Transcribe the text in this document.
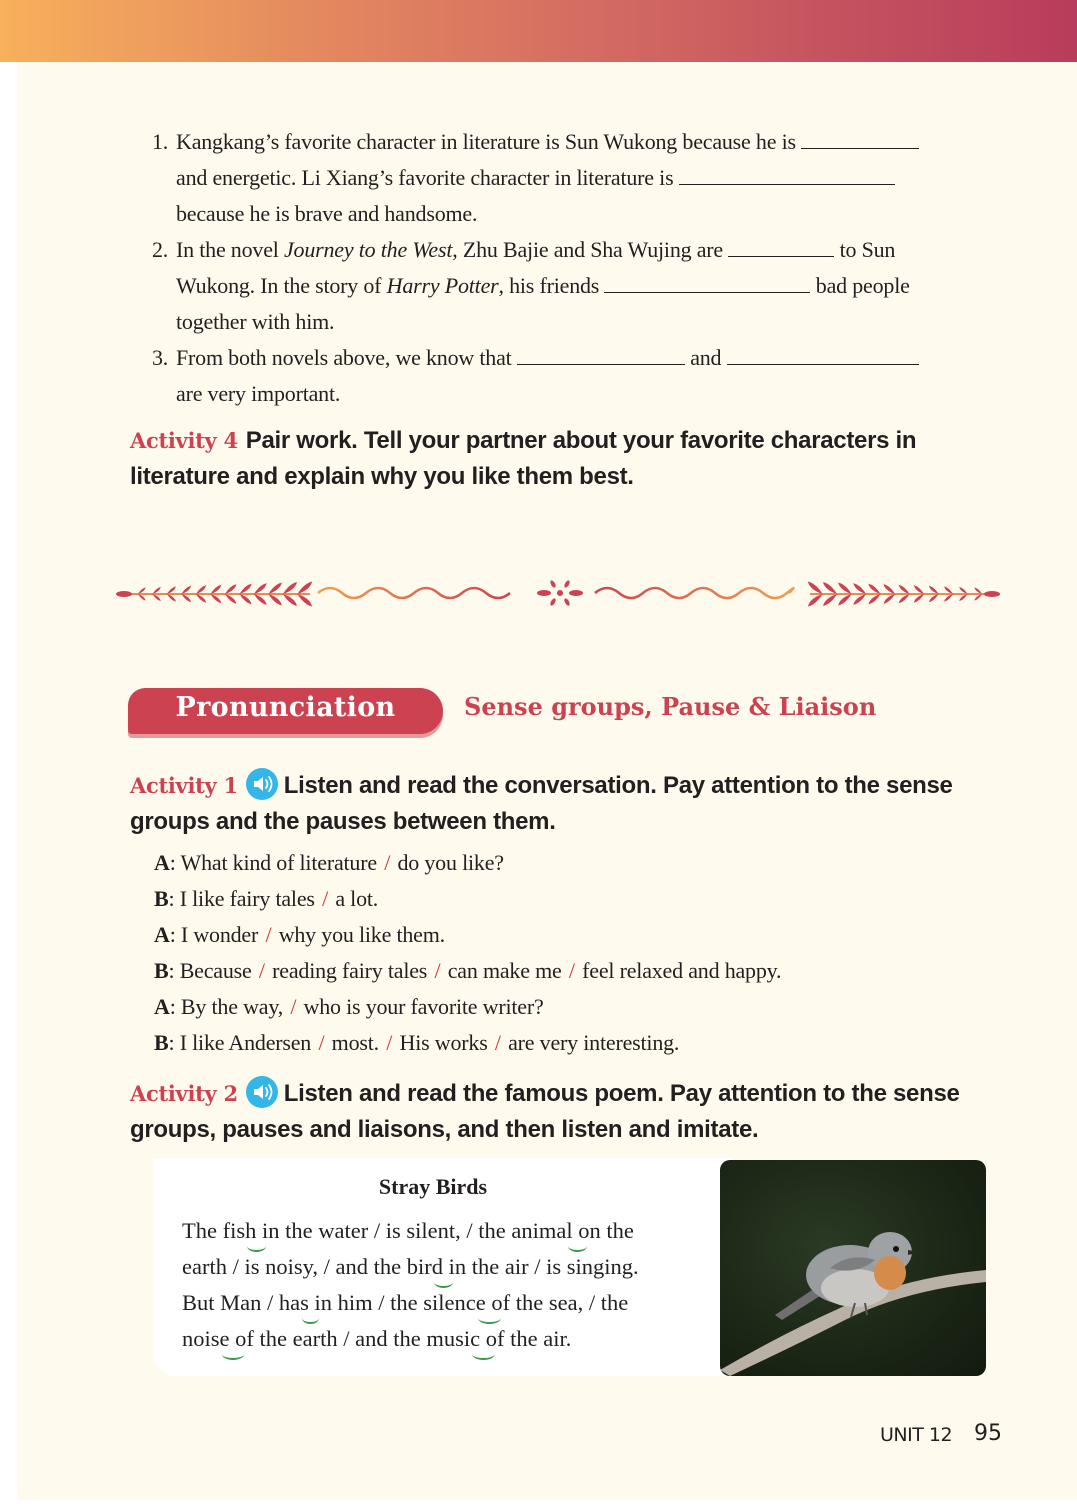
1. Kangkang’s favorite character in literature is Sun Wukong because he is
and energetic. Li Xiang’s favorite character in literature is
because he is brave and handsome.
2. In the novel Journey to the West, Zhu Bajie and Sha Wujing are	to Sun
Wukong. In the story of Harry Potter, his friends	bad people
together with him.
3. From both novels above, we know that	and
are very important.
Activity 4 Pair work. Tell your partner about your favorite characters in
literature and explain why you like them best.
Pronunciation	Sense groups, Pause & Liaison
Activity 1 Listen and read the conversation. Pay attention to the sense
groups and the pauses between them.
A: What kind of literature / do you like?
B: I like fairy tales / a lot.
A: I wonder / why you like them.
B: Because / reading fairy tales / can make me / feel relaxed and happy.
A: By the way, / who is your favorite writer?
B: I like Andersen / most. / His works / are very interesting.
Activity 2 Listen and read the famous poem. Pay attention to the sense
groups, pauses and liaisons, and then listen and imitate.
Stray Birds
The fish i
n the water / is silent, / the animal o
n the
earth / is noisy, / and the bird i
n the air / is singing.
But Man / has i
n him / the silence o
f the sea, / the
noise o
f the earth / and the music o
f the air.
UNIT 12 95
